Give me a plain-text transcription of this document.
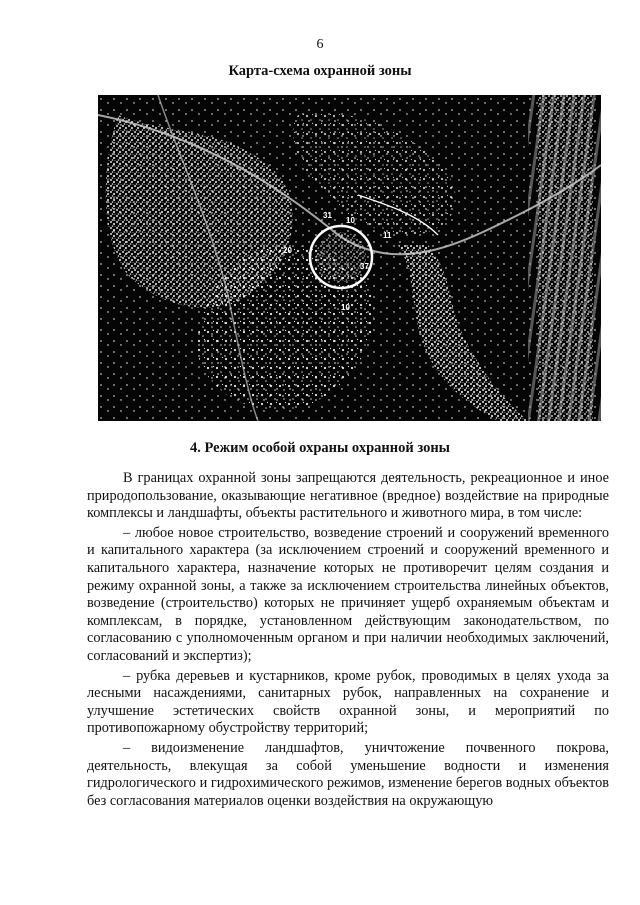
6
Карта-схема охранной зоны
31
10
11
20
37
10
4. Режим особой охраны охранной зоны

В границах охранной зоны запрещаются деятельность, рекреационное и иное природопользование, оказывающие негативное (вредное) воздействие на природные комплексы и ландшафты, объекты растительного и животного мира, в том числе:

– любое новое строительство, возведение строений и сооружений временного и капитального характера (за исключением строений и сооружений временного и капитального характера, назначение которых не противоречит целям создания и режиму охранной зоны, а также за исключением строительства линейных объектов, возведение (строительство) которых не причиняет ущерб охраняемым объектам и комплексам, в порядке, установленном действующим законодательством, по согласованию с уполномоченным органом и при наличии необходимых заключений, согласований и экспертиз);

– рубка деревьев и кустарников, кроме рубок, проводимых в целях ухода за лесными насаждениями, санитарных рубок, направленных на сохранение и улучшение эстетических свойств охранной зоны, и мероприятий по противопожарному обустройству территорий;

– видоизменение ландшафтов, уничтожение почвенного покрова, деятельность, влекущая за собой уменьшение водности и изменения гидрологического и гидрохимического режимов, изменение берегов водных объектов без согласования материалов оценки воздействия на окружающую
